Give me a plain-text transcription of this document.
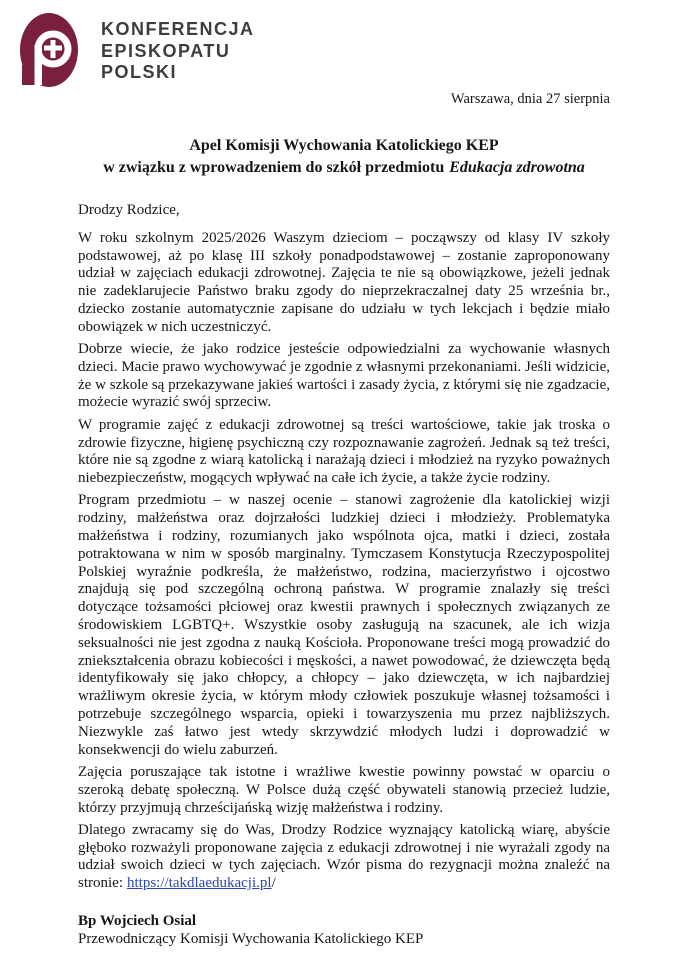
KONFERENCJA
EPISKOPATU
POLSKI
Warszawa, dnia 27 sierpnia
Apel Komisji Wychowania Katolickiego KEP
w związku z wprowadzeniem do szkół przedmiotu Edukacja zdrowotna
Drodzy Rodzice,

W roku szkolnym 2025/2026 Waszym dzieciom – począwszy od klasy IV szkoły podstawowej, aż po klasę III szkoły ponadpodstawowej – zostanie zaproponowany udział w zajęciach edukacji zdrowotnej. Zajęcia te nie są obowiązkowe, jeżeli jednak nie zadeklarujecie Państwo braku zgody do nieprzekraczalnej daty 25 września br., dziecko zostanie automatycznie zapisane do udziału w tych lekcjach i będzie miało obowiązek w nich uczestniczyć.

Dobrze wiecie, że jako rodzice jesteście odpowiedzialni za wychowanie własnych dzieci. Macie prawo wychowywać je zgodnie z własnymi przekonaniami. Jeśli widzicie, że w szkole są przekazywane jakieś wartości i zasady życia, z którymi się nie zgadzacie, możecie wyrazić swój sprzeciw.

W programie zajęć z edukacji zdrowotnej są treści wartościowe, takie jak troska o zdrowie fizyczne, higienę psychiczną czy rozpoznawanie zagrożeń. Jednak są też treści, które nie są zgodne z wiarą katolicką i narażają dzieci i młodzież na ryzyko poważnych niebezpieczeństw, mogących wpływać na całe ich życie, a także życie rodziny.

Program przedmiotu – w naszej ocenie – stanowi zagrożenie dla katolickiej wizji rodziny, małżeństwa oraz dojrzałości ludzkiej dzieci i młodzieży. Problematyka małżeństwa i rodziny, rozumianych jako wspólnota ojca, matki i dzieci, została potraktowana w nim w sposób marginalny. Tymczasem Konstytucja Rzeczypospolitej Polskiej wyraźnie podkreśla, że małżeństwo, rodzina, macierzyństwo i ojcostwo znajdują się pod szczególną ochroną państwa. W programie znalazły się treści dotyczące tożsamości płciowej oraz kwestii prawnych i społecznych związanych ze środowiskiem LGBTQ+. Wszystkie osoby zasługują na szacunek, ale ich wizja seksualności nie jest zgodna z nauką Kościoła. Proponowane treści mogą prowadzić do zniekształcenia obrazu kobiecości i męskości, a nawet powodować, że dziewczęta będą identyfikowały się jako chłopcy, a chłopcy – jako dziewczęta, w ich najbardziej wrażliwym okresie życia, w którym młody człowiek poszukuje własnej tożsamości i potrzebuje szczególnego wsparcia, opieki i towarzyszenia mu przez najbliższych. Niezwykle zaś łatwo jest wtedy skrzywdzić młodych ludzi i doprowadzić w konsekwencji do wielu zaburzeń.

Zajęcia poruszające tak istotne i wrażliwe kwestie powinny powstać w oparciu o szeroką debatę społeczną. W Polsce dużą część obywateli stanowią przecież ludzie, którzy przyjmują chrześcijańską wizję małżeństwa i rodziny.

Dlatego zwracamy się do Was, Drodzy Rodzice wyznający katolicką wiarę, abyście głęboko rozważyli proponowane zajęcia z edukacji zdrowotnej i nie wyrażali zgody na udział swoich dzieci w tych zajęciach. Wzór pisma do rezygnacji można znaleźć na stronie: https://takdlaedukacji.pl/

Bp Wojciech Osial
Przewodniczący Komisji Wychowania Katolickiego KEP
